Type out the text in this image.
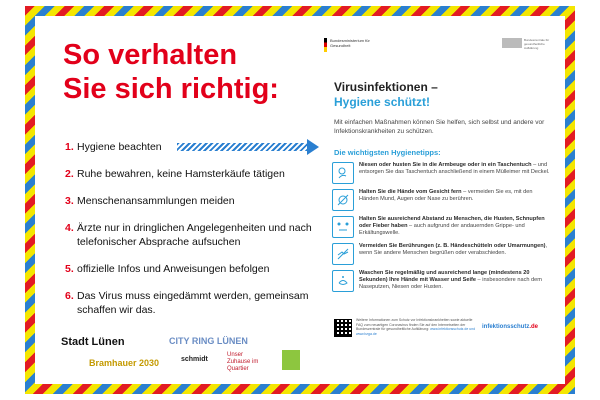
So verhalten
Sie sich richtig:
1. Hygiene beachten
2. Ruhe bewahren, keine Hamsterkäufe tätigen
3. Menschenansammlungen meiden
4. Ärzte nur in dringlichen Angelegenheiten und nach telefonischer Absprache aufsuchen
5. offizielle Infos und Anweisungen befolgen
6. Das Virus muss eingedämmt werden, gemeinsam schaffen wir das.
Stadt Lünen	CITY RING LÜNEN
Bramhauer 2030	schmidt
Unser Zuhause im Quartier
Bundesministerium für Gesundheit
Bundeszentrale für gesundheitliche Aufklärung

Virusinfektionen –

Hygiene schützt!

Mit einfachen Maßnahmen können Sie helfen, sich selbst und andere vor Infektionskrankheiten zu schützen.
Die wichtigsten Hygienetipps:
Niesen oder husten Sie in die Armbeuge oder in ein Taschentuch – und entsorgen Sie das Taschentuch anschließend in einem Mülleimer mit Deckel.
Halten Sie die Hände vom Gesicht fern – vermeiden Sie es, mit den Händen Mund, Augen oder Nase zu berühren.
Halten Sie ausreichend Abstand zu Menschen, die Husten, Schnupfen oder Fieber haben – auch aufgrund der andauernden Grippe- und Erkältungswelle.
Vermeiden Sie Berührungen (z. B. Händeschütteln oder Umarmungen), wenn Sie andere Menschen begrüßen oder verabschieden.
Waschen Sie regelmäßig und ausreichend lange (mindestens 20 Sekunden) Ihre Hände mit Wasser und Seife – insbesondere nach dem Naseputzen, Niesen oder Husten.
Weitere Informationen zum Schutz vor Infektionskrankheiten sowie aktuelle FAQ zum neuartigen Coronavirus finden Sie auf den Internetseiten der Bundeszentrale für gesundheitliche Aufklärung: www.infektionsschutz.de und www.bzga.de
infektionsschutz.de
